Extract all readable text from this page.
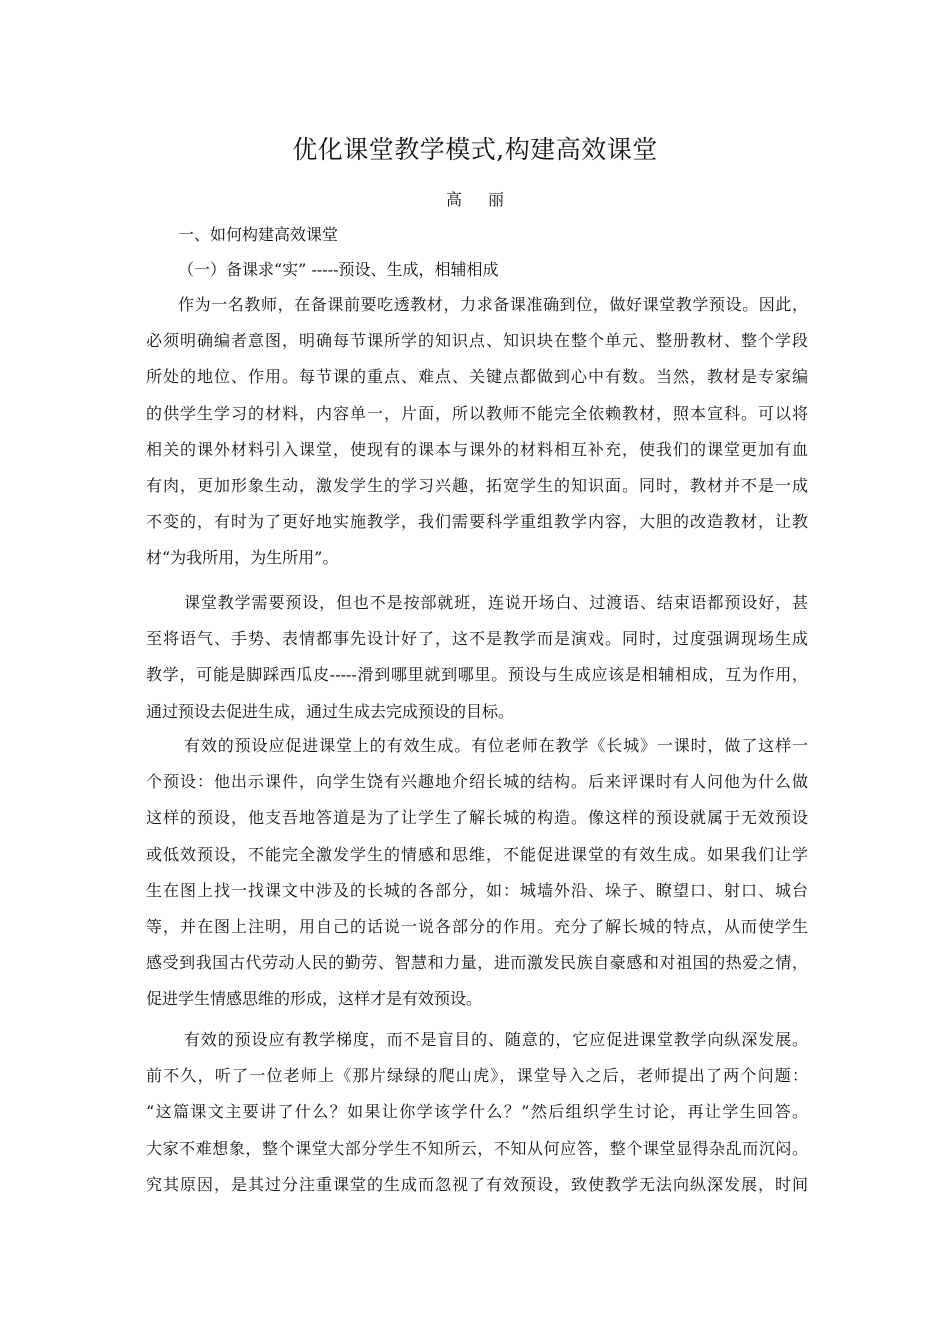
优化课堂教学模式,构建高效课堂
高 丽
一、如何构建高效课堂
（一）备课求“实” -----预设、生成，相辅相成
作为一名教师，在备课前要吃透教材，力求备课准确到位，做好课堂教学预设。因此，
必须明确编者意图，明确每节课所学的知识点、知识块在整个单元、整册教材、整个学段
所处的地位、作用。每节课的重点、难点、关键点都做到心中有数。当然，教材是专家编
的供学生学习的材料，内容单一，片面，所以教师不能完全依赖教材，照本宣科。可以将
相关的课外材料引入课堂，使现有的课本与课外的材料相互补充，使我们的课堂更加有血
有肉，更加形象生动，激发学生的学习兴趣，拓宽学生的知识面。同时，教材并不是一成
不变的，有时为了更好地实施教学，我们需要科学重组教学内容，大胆的改造教材，让教
材“为我所用，为生所用”。
课堂教学需要预设，但也不是按部就班，连说开场白、过渡语、结束语都预设好，甚
至将语气、手势、表情都事先设计好了，这不是教学而是演戏。同时，过度强调现场生成
教学，可能是脚踩西瓜皮-----滑到哪里就到哪里。预设与生成应该是相辅相成，互为作用，
通过预设去促进生成，通过生成去完成预设的目标。
有效的预设应促进课堂上的有效生成。有位老师在教学《长城》一课时，做了这样一
个预设：他出示课件，向学生饶有兴趣地介绍长城的结构。后来评课时有人问他为什么做
这样的预设，他支吾地答道是为了让学生了解长城的构造。像这样的预设就属于无效预设
或低效预设，不能完全激发学生的情感和思维，不能促进课堂的有效生成。如果我们让学
生在图上找一找课文中涉及的长城的各部分，如：城墙外沿、垛子、瞭望口、射口、城台
等，并在图上注明，用自己的话说一说各部分的作用。充分了解长城的特点，从而使学生
感受到我国古代劳动人民的勤劳、智慧和力量，进而激发民族自豪感和对祖国的热爱之情，
促进学生情感思维的形成，这样才是有效预设。
有效的预设应有教学梯度，而不是盲目的、随意的，它应促进课堂教学向纵深发展。
前不久，听了一位老师上《那片绿绿的爬山虎》，课堂导入之后，老师提出了两个问题：
“这篇课文主要讲了什么？如果让你学该学什么？”然后组织学生讨论，再让学生回答。
大家不难想象，整个课堂大部分学生不知所云，不知从何应答，整个课堂显得杂乱而沉闷。
究其原因，是其过分注重课堂的生成而忽视了有效预设，致使教学无法向纵深发展，时间
